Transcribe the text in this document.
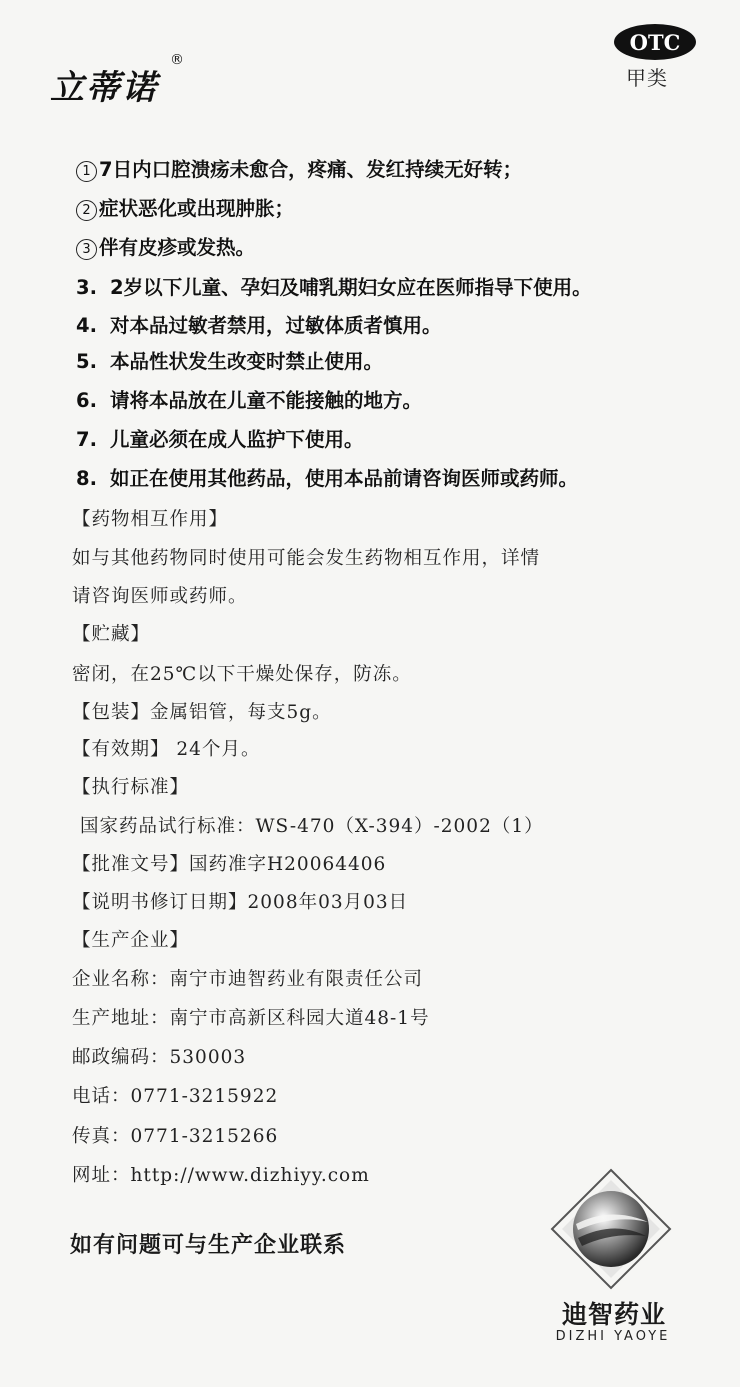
立蒂诺
®
OTC
甲类
1 7日内口腔溃疡未愈合，疼痛、发红持续无好转；
2 症状恶化或出现肿胀；
3 伴有皮疹或发热。
3. 2岁以下儿童、孕妇及哺乳期妇女应在医师指导下使用。
4. 对本品过敏者禁用，过敏体质者慎用。
5. 本品性状发生改变时禁止使用。
6. 请将本品放在儿童不能接触的地方。
7. 儿童必须在成人监护下使用。
8. 如正在使用其他药品，使用本品前请咨询医师或药师。
【药物相互作用】
如与其他药物同时使用可能会发生药物相互作用，详情
请咨询医师或药师。
【贮藏】
密闭，在25℃以下干燥处保存，防冻。
【包装】金属铝管，每支5g。
【有效期】 24个月。
【执行标准】
国家药品试行标准：WS-470（X-394）-2002（1）
【批准文号】国药准字H20064406
【说明书修订日期】2008年03月03日
【生产企业】
企业名称：南宁市迪智药业有限责任公司
生产地址：南宁市高新区科园大道48-1号
邮政编码：530003
电话：0771-3215922
传真：0771-3215266
网址：http://www.dizhiyy.com
如有问题可与生产企业联系
迪智药业
DIZHI YAOYE
